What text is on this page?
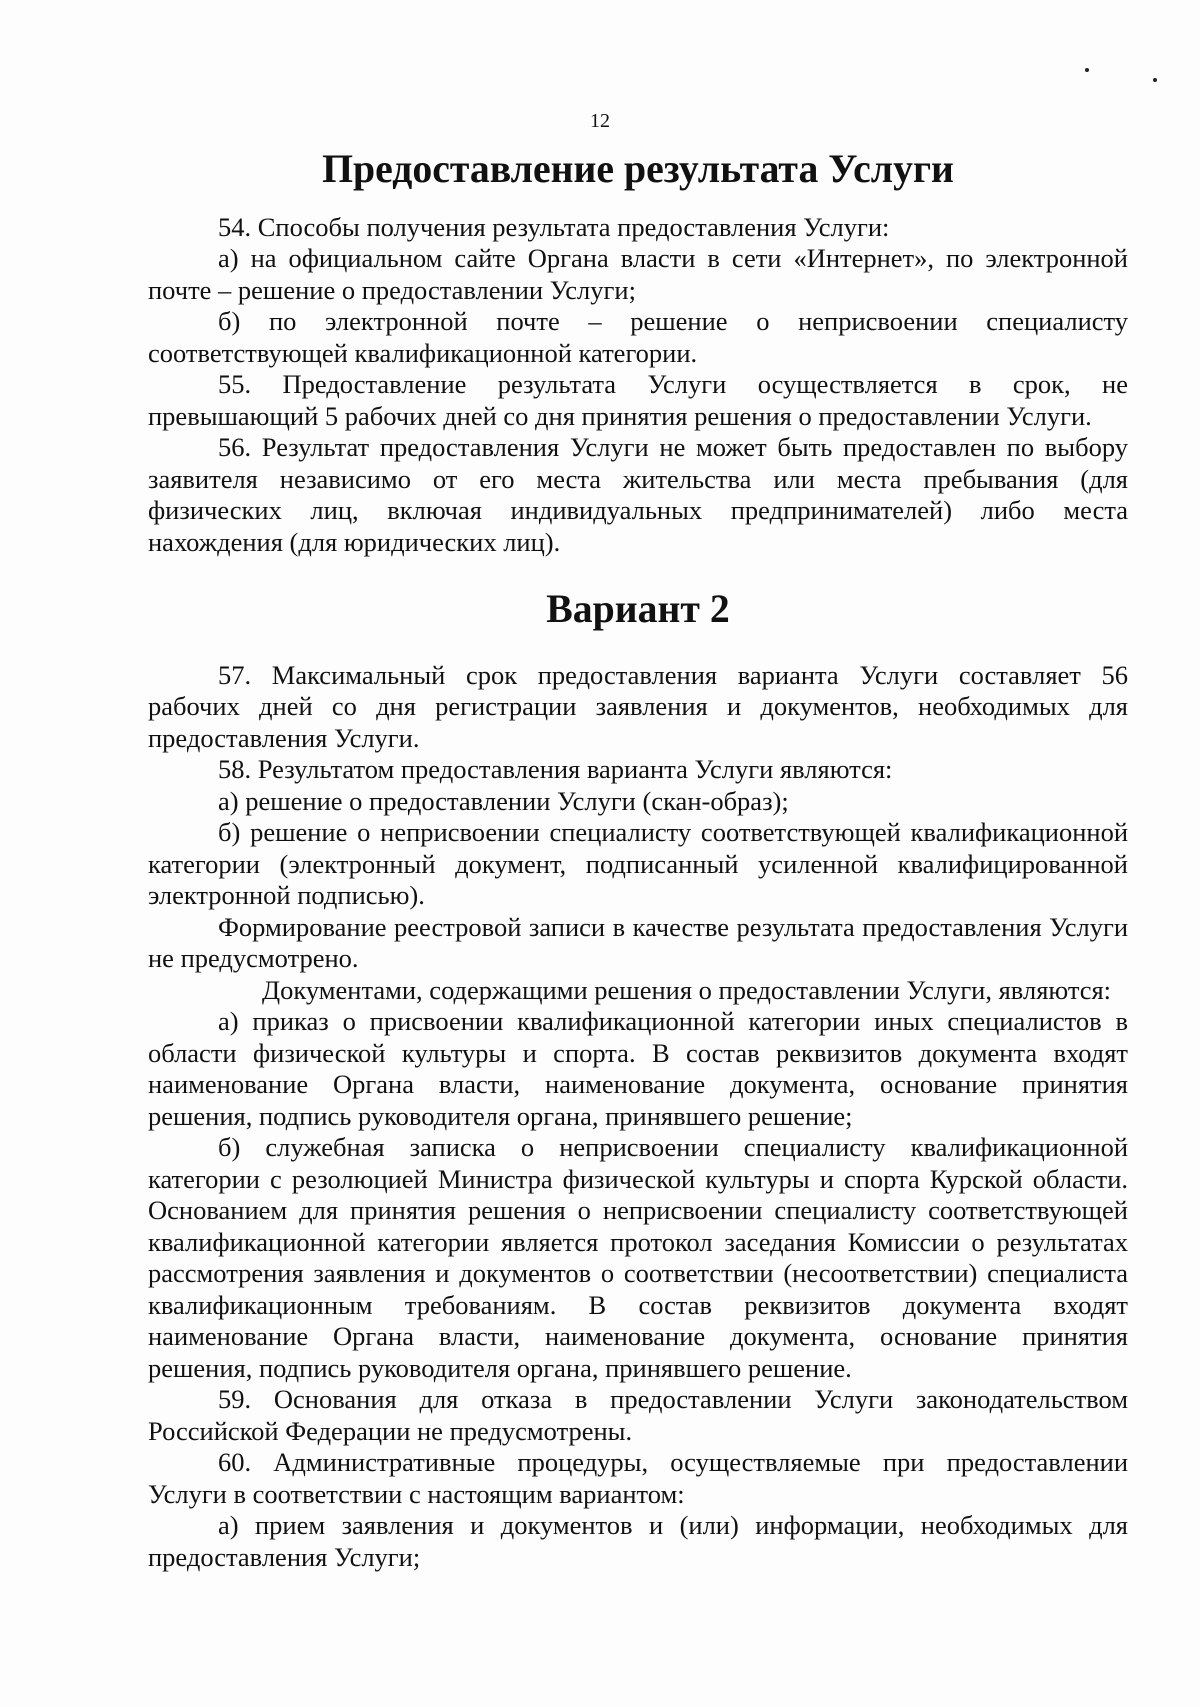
12
Предоставление результата Услуги

54. Способы получения результата предоставления Услуги:

а) на официальном сайте Органа власти в сети «Интернет», по электронной почте – решение о предоставлении Услуги;

б) по электронной почте – решение о неприсвоении специалисту соответствующей квалификационной категории.

55. Предоставление результата Услуги осуществляется в срок, не превышающий 5 рабочих дней со дня принятия решения о предоставлении Услуги.

56. Результат предоставления Услуги не может быть предоставлен по выбору заявителя независимо от его места жительства или места пребывания (для физических лиц, включая индивидуальных предпринимателей) либо места нахождения (для юридических лиц).

Вариант 2

57. Максимальный срок предоставления варианта Услуги составляет 56 рабочих дней со дня регистрации заявления и документов, необходимых для предоставления Услуги.

58. Результатом предоставления варианта Услуги являются:

а) решение о предоставлении Услуги (скан-образ);

б) решение о неприсвоении специалисту соответствующей квалификационной категории (электронный документ, подписанный усиленной квалифицированной электронной подписью).

Формирование реестровой записи в качестве результата предоставления Услуги не предусмотрено.

Документами, содержащими решения о предоставлении Услуги, являются:

а) приказ о присвоении квалификационной категории иных специалистов в области физической культуры и спорта. В состав реквизитов документа входят наименование Органа власти, наименование документа, основание принятия решения, подпись руководителя органа, принявшего решение;

б) служебная записка о неприсвоении специалисту квалификационной категории с резолюцией Министра физической культуры и спорта Курской области. Основанием для принятия решения о неприсвоении специалисту соответствующей квалификационной категории является протокол заседания Комиссии о результатах рассмотрения заявления и документов о соответствии (несоответствии) специалиста квалификационным требованиям. В состав реквизитов документа входят наименование Органа власти, наименование документа, основание принятия решения, подпись руководителя органа, принявшего решение.

59. Основания для отказа в предоставлении Услуги законодательством Российской Федерации не предусмотрены.

60. Административные процедуры, осуществляемые при предоставлении Услуги в соответствии с настоящим вариантом:

а) прием заявления и документов и (или) информации, необходимых для предоставления Услуги;
